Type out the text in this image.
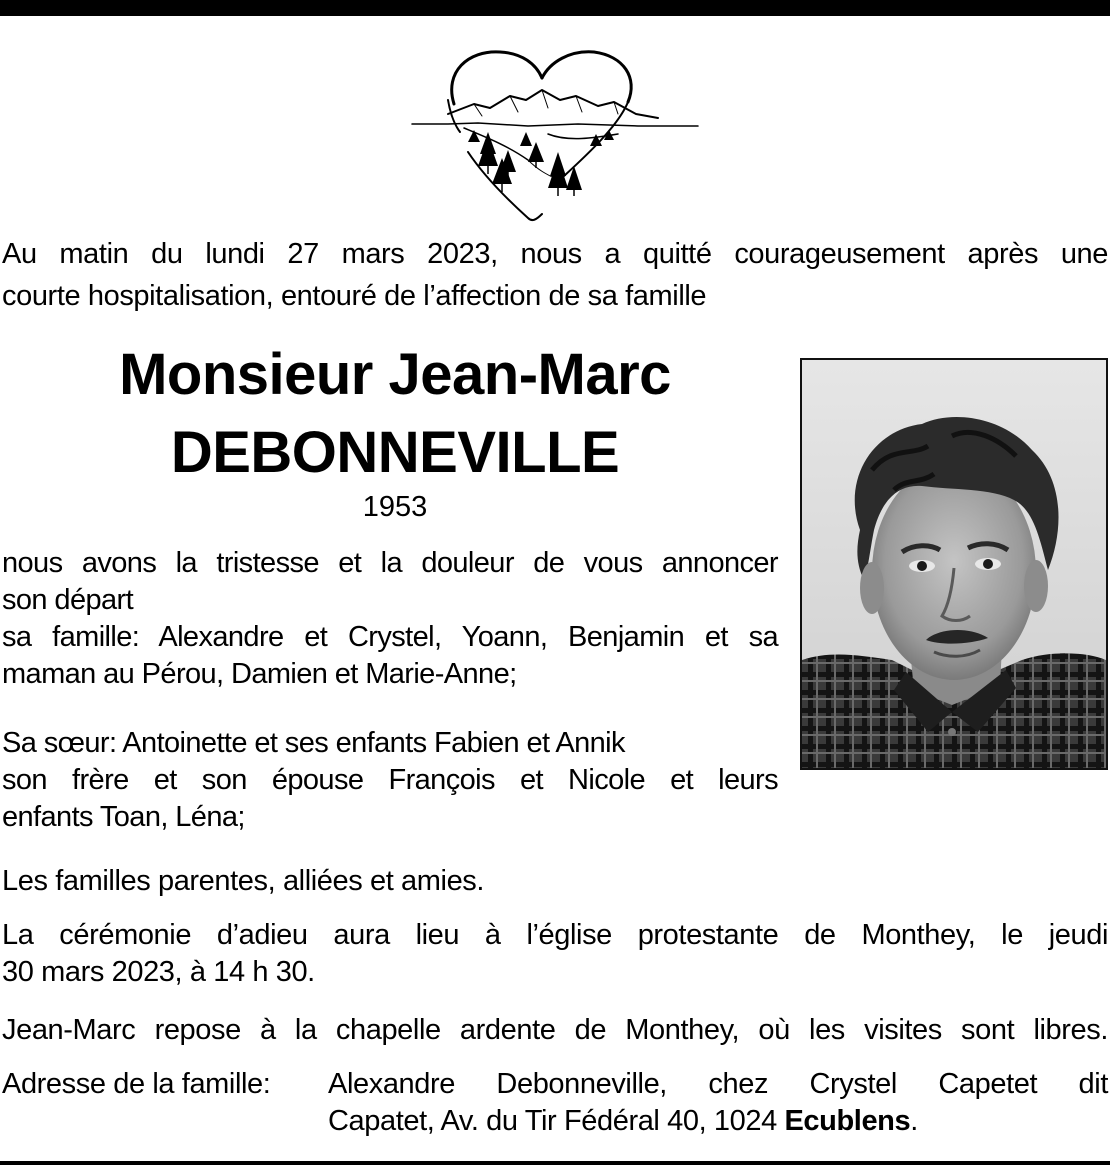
Au matin du lundi 27 mars 2023, nous a quitté courageusement après une

courte hospitalisation, entouré de l’affection de sa famille

Monsieur Jean-Marc
DEBONNEVILLE
1953
nous avons la tristesse et la douleur de vous annoncer
son départ
sa famille: Alexandre et Crystel, Yoann, Benjamin et sa
maman au Pérou, Damien et Marie-Anne;
Sa sœur: Antoinette et ses enfants Fabien et Annik
son frère et son épouse François et Nicole et leurs
enfants Toan, Léna;
Les familles parentes, alliées et amies.
La cérémonie d’adieu aura lieu à l’église protestante de Monthey, le jeudi
30 mars 2023, à 14 h 30.
Jean-Marc repose à la chapelle ardente de Monthey, où les visites sont libres.
Adresse de la famille: Alexandre Debonneville, chez Crystel Capetet dit
Capatet, Av. du Tir Fédéral 40, 1024 Ecublens.
